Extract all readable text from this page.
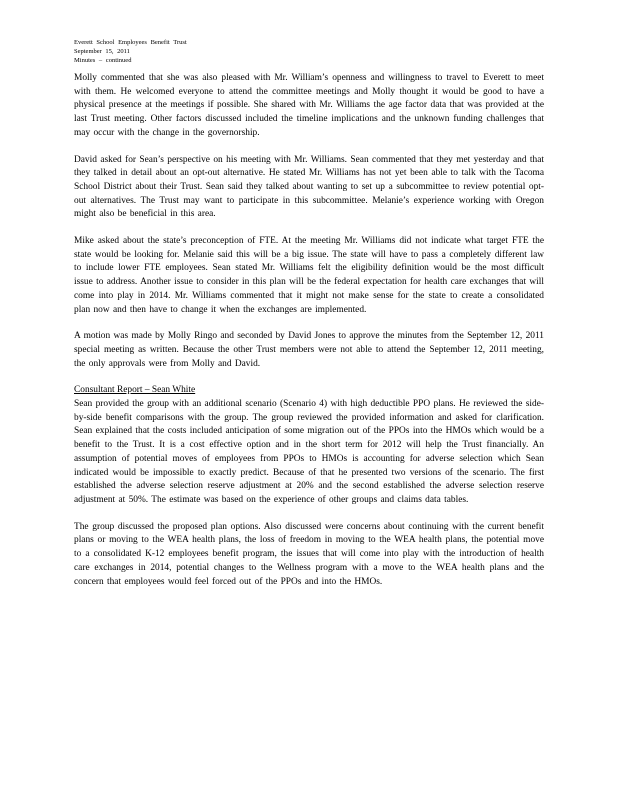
Everett School Employees Benefit Trust
September 15, 2011
Minutes – continued

Molly commented that she was also pleased with Mr. William’s openness and willingness to travel to Everett to meet with them. He welcomed everyone to attend the committee meetings and Molly thought it would be good to have a physical presence at the meetings if possible. She shared with Mr. Williams the age factor data that was provided at the last Trust meeting. Other factors discussed included the timeline implications and the unknown funding challenges that may occur with the change in the governorship.

David asked for Sean’s perspective on his meeting with Mr. Williams. Sean commented that they met yesterday and that they talked in detail about an opt-out alternative. He stated Mr. Williams has not yet been able to talk with the Tacoma School District about their Trust. Sean said they talked about wanting to set up a subcommittee to review potential opt-out alternatives. The Trust may want to participate in this subcommittee. Melanie’s experience working with Oregon might also be beneficial in this area.

Mike asked about the state’s preconception of FTE. At the meeting Mr. Williams did not indicate what target FTE the state would be looking for. Melanie said this will be a big issue. The state will have to pass a completely different law to include lower FTE employees. Sean stated Mr. Williams felt the eligibility definition would be the most difficult issue to address. Another issue to consider in this plan will be the federal expectation for health care exchanges that will come into play in 2014. Mr. Williams commented that it might not make sense for the state to create a consolidated plan now and then have to change it when the exchanges are implemented.

A motion was made by Molly Ringo and seconded by David Jones to approve the minutes from the September 12, 2011 special meeting as written. Because the other Trust members were not able to attend the September 12, 2011 meeting, the only approvals were from Molly and David.

Consultant Report – Sean White

Sean provided the group with an additional scenario (Scenario 4) with high deductible PPO plans. He reviewed the side-by-side benefit comparisons with the group. The group reviewed the provided information and asked for clarification. Sean explained that the costs included anticipation of some migration out of the PPOs into the HMOs which would be a benefit to the Trust. It is a cost effective option and in the short term for 2012 will help the Trust financially. An assumption of potential moves of employees from PPOs to HMOs is accounting for adverse selection which Sean indicated would be impossible to exactly predict. Because of that he presented two versions of the scenario. The first established the adverse selection reserve adjustment at 20% and the second established the adverse selection reserve adjustment at 50%. The estimate was based on the experience of other groups and claims data tables.

The group discussed the proposed plan options. Also discussed were concerns about continuing with the current benefit plans or moving to the WEA health plans, the loss of freedom in moving to the WEA health plans, the potential move to a consolidated K-12 employees benefit program, the issues that will come into play with the introduction of health care exchanges in 2014, potential changes to the Wellness program with a move to the WEA health plans and the concern that employees would feel forced out of the PPOs and into the HMOs.
